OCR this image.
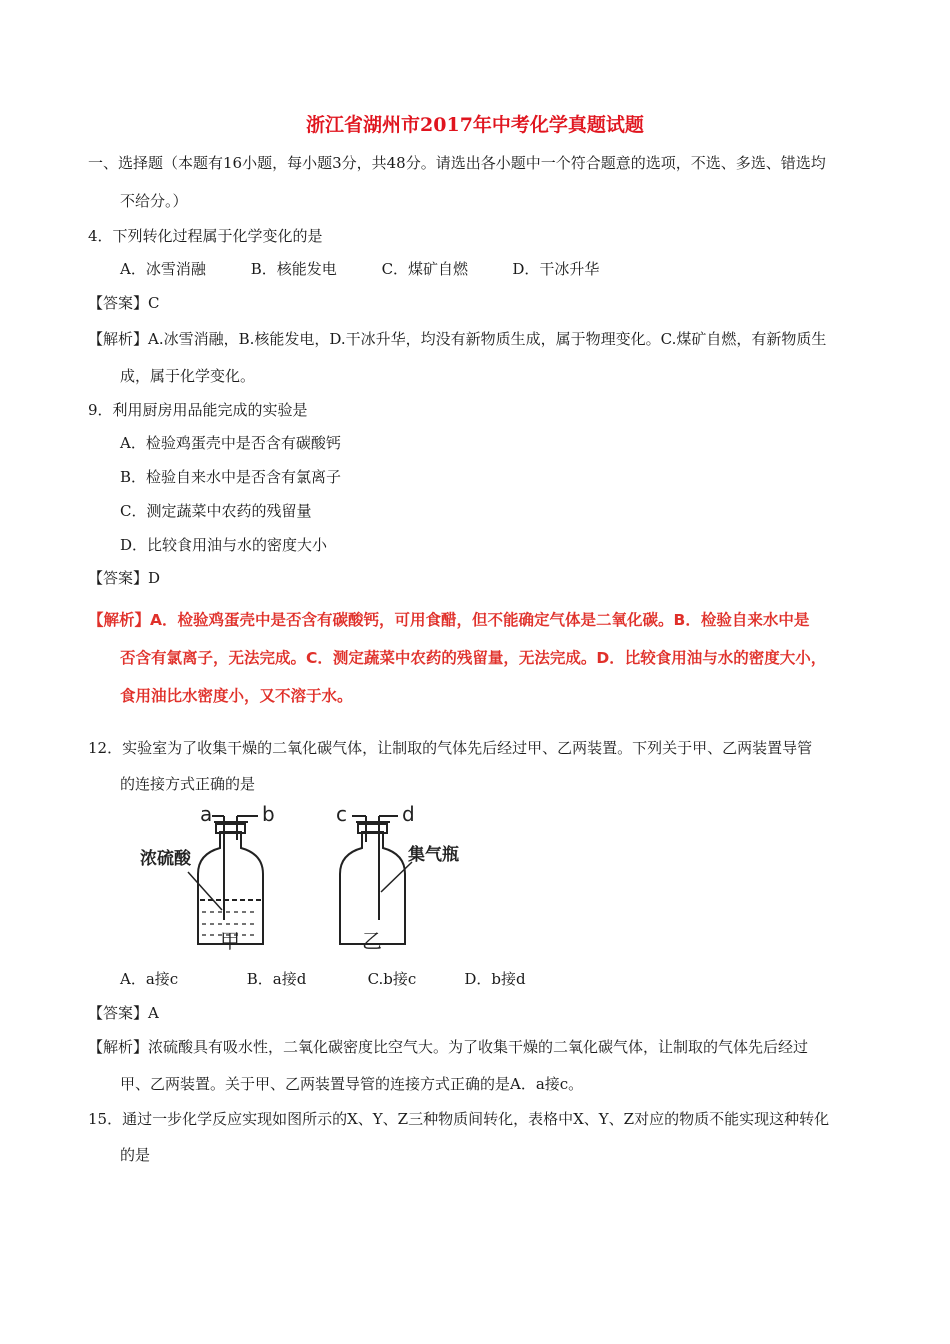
浙江省湖州市2017年中考化学真题试题
一、选择题（本题有16小题，每小题3分，共48分。请选出各小题中一个符合题意的选项，不选、多选、错选均
不给分。）
4．下列转化过程属于化学变化的是
A．冰雪消融	B．核能发电	C．煤矿自燃	D．干冰升华
【答案】C
【解析】A.冰雪消融，B.核能发电，D.干冰升华，均没有新物质生成，属于物理变化。C.煤矿自燃，有新物质生
成，属于化学变化。
9．利用厨房用品能完成的实验是
A．检验鸡蛋壳中是否含有碳酸钙
B．检验自来水中是否含有氯离子
C．测定蔬菜中农药的残留量
D．比较食用油与水的密度大小
【答案】D
【解析】A．检验鸡蛋壳中是否含有碳酸钙，可用食醋，但不能确定气体是二氧化碳。B．检验自来水中是
否含有氯离子，无法完成。C．测定蔬菜中农药的残留量，无法完成。D．比较食用油与水的密度大小，
食用油比水密度小，又不溶于水。
12．实验室为了收集干燥的二氧化碳气体，让制取的气体先后经过甲、乙两装置。下列关于甲、乙两装置导管
的连接方式正确的是
a b	c	d
浓硫酸	集气瓶
甲	乙
A．a接c	B．a接d	C.b接c	D．b接d
【答案】A
【解析】浓硫酸具有吸水性，二氧化碳密度比空气大。为了收集干燥的二氧化碳气体，让制取的气体先后经过
甲、乙两装置。关于甲、乙两装置导管的连接方式正确的是A．a接c。
15．通过一步化学反应实现如图所示的X、Y、Z三种物质间转化，表格中X、Y、Z对应的物质不能实现这种转化
的是
